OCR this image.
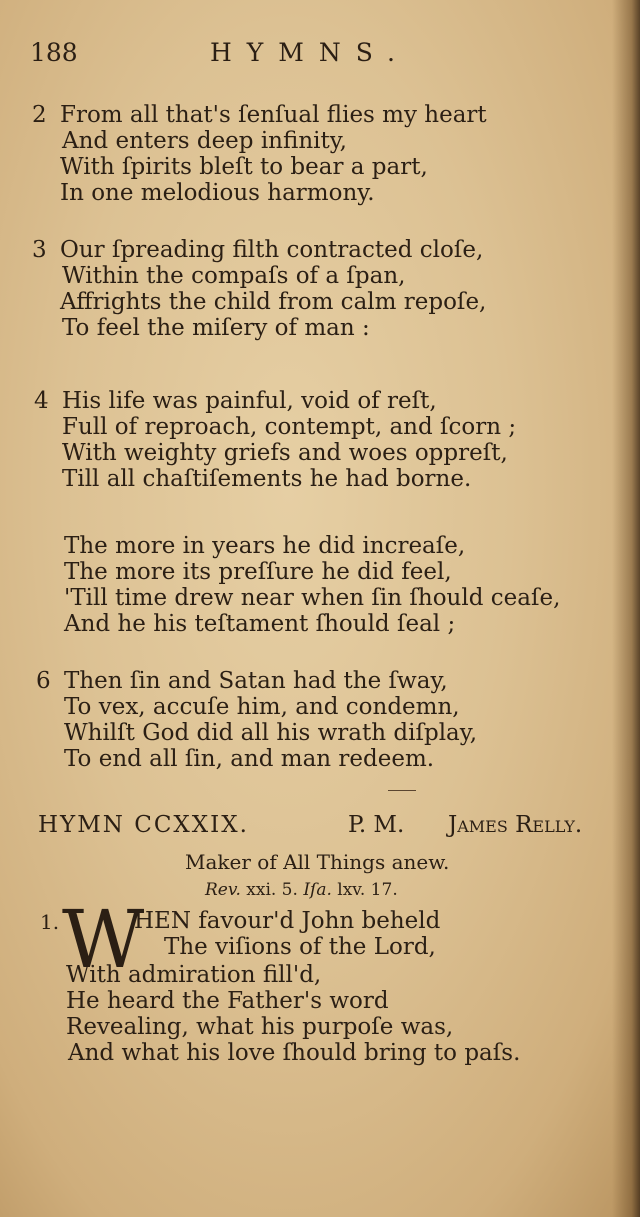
188	HYMNS.
2 From all that's ſenſual flies my heart
And enters deep infinity,
With ſpirits bleſt to bear a part,
In one melodious harmony.
3 Our ſpreading filth contracted cloſe,
Within the compaſs of a ſpan,
Affrights the child from calm repoſe,
To feel the miſery of man :
4 His life was painful, void of reſt,
Full of reproach, contempt, and ſcorn ;
With weighty griefs and woes oppreſt,
Till all chaſtiſements he had borne.
The more in years he did increaſe,
The more its preſſure he did feel,
'Till time drew near when ſin ſhould ceaſe,
And he his teſtament ſhould ſeal ;
6 Then ſin and Satan had the ſway,
To vex, accuſe him, and condemn,
Whilſt God did all his wrath diſplay,
To end all ſin, and man redeem.
HYMN CCXXIX.	P. M. James Relly.
Maker of All Things anew.
Rev. xxi. 5. Iſa. lxv. 17.
1. W
HEN favour'd John beheld
The viſions of the Lord,
With admiration fill'd,
He heard the Father's word
Revealing, what his purpoſe was,
And what his love ſhould bring to paſs.
